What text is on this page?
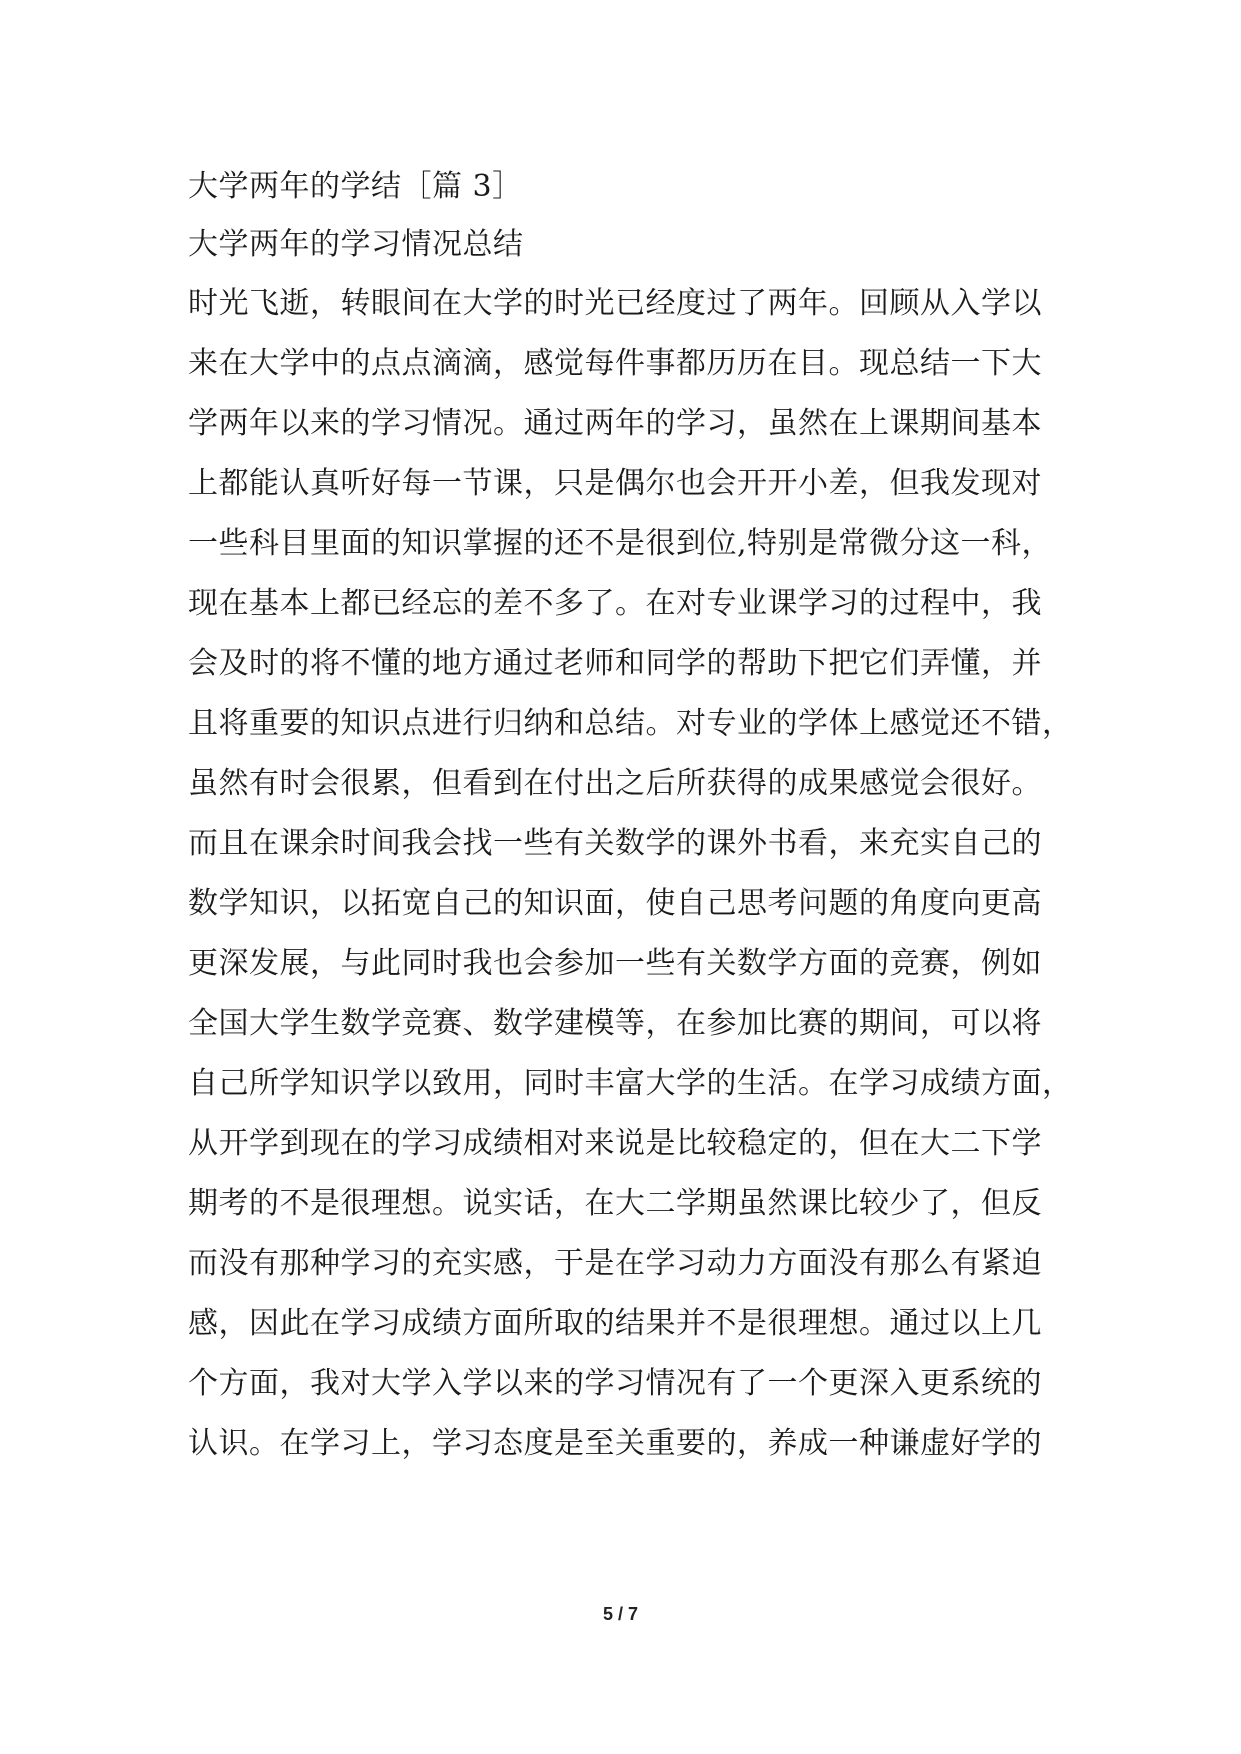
大学两年的学结［篇 3］
大学两年的学习情况总结
时光飞逝，转眼间在大学的时光已经度过了两年。回顾从入学以
来在大学中的点点滴滴，感觉每件事都历历在目。现总结一下大
学两年以来的学习情况。通过两年的学习，虽然在上课期间基本
上都能认真听好每一节课，只是偶尔也会开开小差，但我发现对
一些科目里面的知识掌握的还不是很到位,特别是常微分这一科，
现在基本上都已经忘的差不多了。在对专业课学习的过程中，我
会及时的将不懂的地方通过老师和同学的帮助下把它们弄懂，并
且将重要的知识点进行归纳和总结。对专业的学体上感觉还不错，
虽然有时会很累，但看到在付出之后所获得的成果感觉会很好。
而且在课余时间我会找一些有关数学的课外书看，来充实自己的
数学知识，以拓宽自己的知识面，使自己思考问题的角度向更高
更深发展，与此同时我也会参加一些有关数学方面的竞赛，例如
全国大学生数学竞赛、数学建模等，在参加比赛的期间，可以将
自己所学知识学以致用，同时丰富大学的生活。在学习成绩方面，
从开学到现在的学习成绩相对来说是比较稳定的，但在大二下学
期考的不是很理想。说实话，在大二学期虽然课比较少了，但反
而没有那种学习的充实感，于是在学习动力方面没有那么有紧迫
感，因此在学习成绩方面所取的结果并不是很理想。通过以上几
个方面，我对大学入学以来的学习情况有了一个更深入更系统的
认识。在学习上，学习态度是至关重要的，养成一种谦虚好学的
5 / 7
